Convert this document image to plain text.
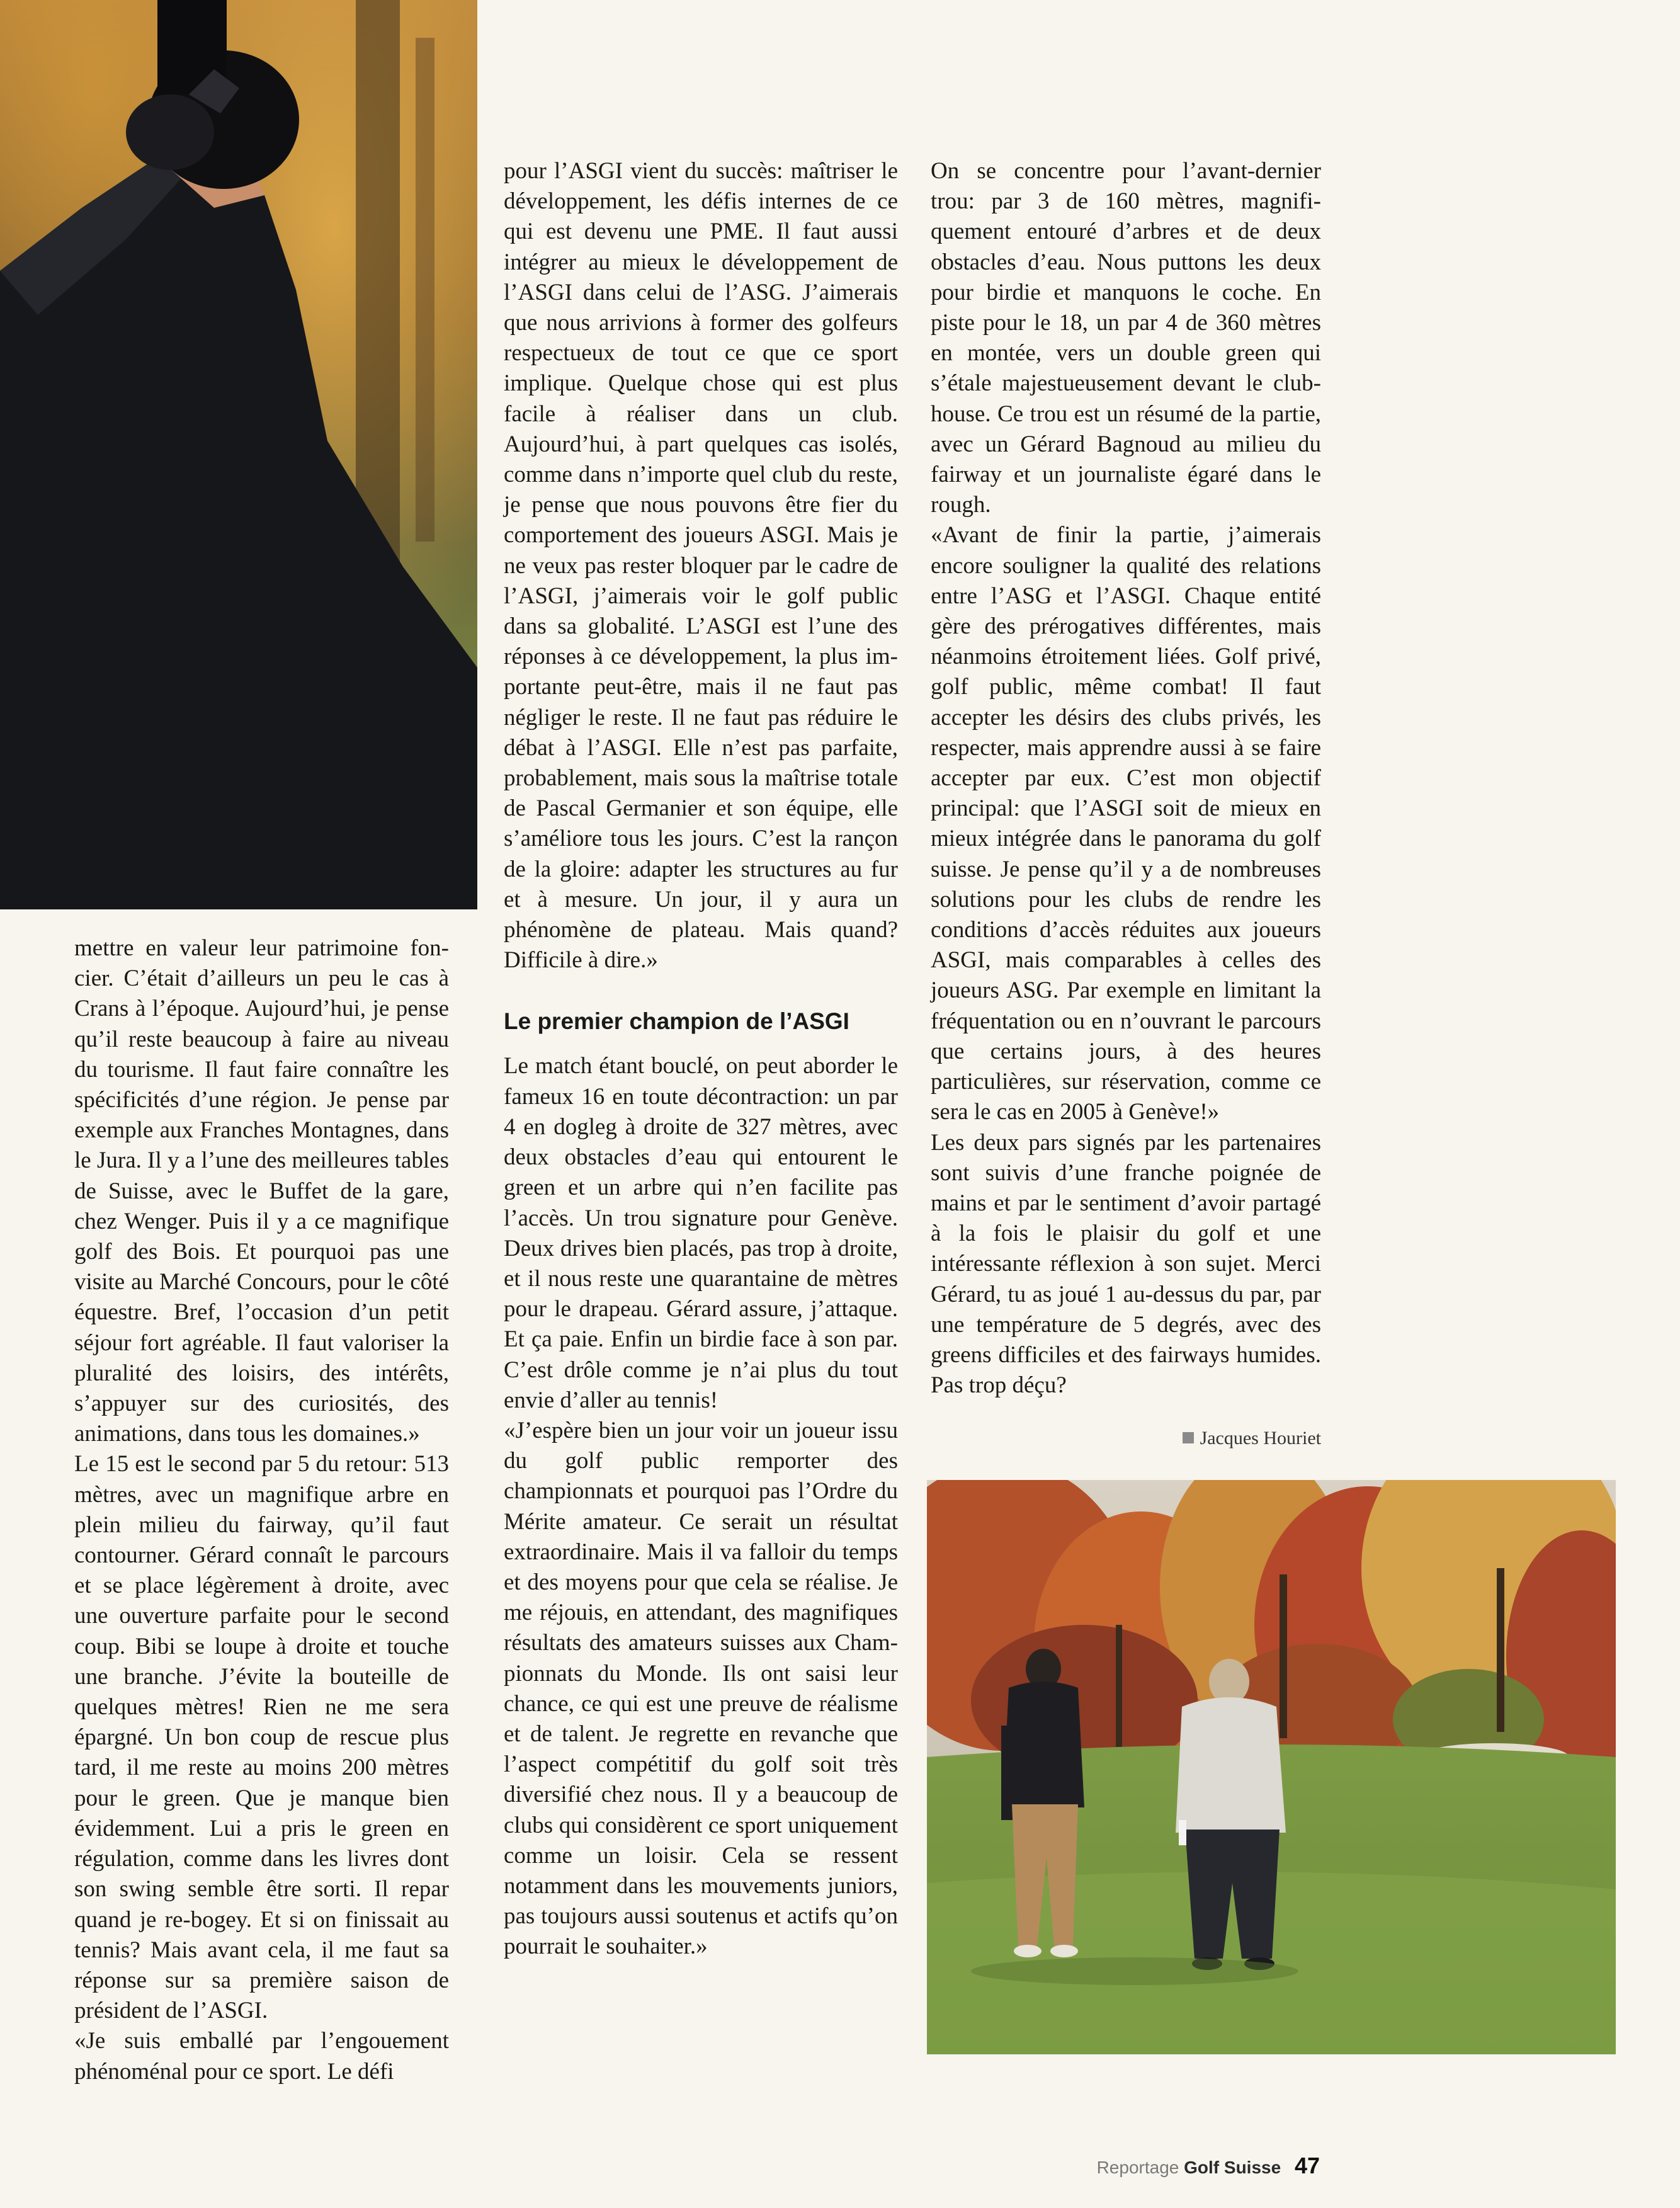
mettre en valeur leur patrimoine foncier. C’était d’ailleurs un peu le cas à Crans à l’époque. Aujourd’hui, je pense qu’il reste beaucoup à faire au niveau du tourisme. Il faut faire connaître les spécificités d’une région. Je pense par exemple aux Franches Montagnes, dans le Jura. Il y a l’une des meilleures tables de Suisse, avec le Buffet de la gare, chez Wenger. Puis il y a ce magnifique golf des Bois. Et pourquoi pas une visite au Marché Concours, pour le côté équestre. Bref, l’occasion d’un petit séjour fort agréable. Il faut valoriser la pluralité des loisirs, des intérêts, s’appuyer sur des curiosités, des animations, dans tous les domaines.»

Le 15 est le second par 5 du retour: 513 mètres, avec un magnifique arbre en plein milieu du fairway, qu’il faut contourner. Gérard connaît le parcours et se place légèrement à droite, avec une ouverture parfaite pour le second coup. Bibi se loupe à droite et touche une branche. J’évite la bouteille de quelques mètres! Rien ne me sera épargné. Un bon coup de rescue plus tard, il me reste au moins 200 mètres pour le green. Que je manque bien évidemment. Lui a pris le green en régulation, comme dans les livres dont son swing semble être sorti. Il repar quand je re-bogey. Et si on finissait au tennis? Mais avant cela, il me faut sa réponse sur sa première saison de président de l’ASGI.

«Je suis emballé par l’engouement phénoménal pour ce sport. Le défi

pour l’ASGI vient du succès: maîtriser le développement, les défis internes de ce qui est devenu une PME. Il faut aussi intégrer au mieux le développement de l’ASGI dans celui de l’ASG. J’aimerais que nous arrivions à former des golfeurs respectueux de tout ce que ce sport implique. Quelque chose qui est plus facile à réaliser dans un club. Aujourd’hui, à part quelques cas isolés, comme dans n’importe quel club du reste, je pense que nous pouvons être fier du comportement des joueurs ASGI. Mais je ne veux pas rester bloquer par le cadre de l’ASGI, j’aimerais voir le golf public dans sa globalité. L’ASGI est l’une des réponses à ce développement, la plus importante peut-être, mais il ne faut pas négliger le reste. Il ne faut pas réduire le débat à l’ASGI. Elle n’est pas parfaite, probablement, mais sous la maîtrise totale de Pascal Germanier et son équipe, elle s’améliore tous les jours. C’est la rançon de la gloire: adapter les structures au fur et à mesure. Un jour, il y aura un phénomène de plateau. Mais quand? Difficile à dire.»

Le premier champion de l’ASGI

Le match étant bouclé, on peut aborder le fameux 16 en toute décontraction: un par 4 en dogleg à droite de 327 mètres, avec deux obstacles d’eau qui entourent le green et un arbre qui n’en facilite pas l’accès. Un trou signature pour Genève. Deux drives bien placés, pas trop à droite, et il nous reste une quarantaine de mètres pour le drapeau. Gérard assure, j’attaque. Et ça paie. Enfin un birdie face à son par. C’est drôle comme je n’ai plus du tout envie d’aller au tennis!

«J’espère bien un jour voir un joueur issu du golf public remporter des championnats et pourquoi pas l’Ordre du Mérite amateur. Ce serait un résultat extraordinaire. Mais il va falloir du temps et des moyens pour que cela se réalise. Je me réjouis, en attendant, des magnifiques résultats des amateurs suisses aux Championnats du Monde. Ils ont saisi leur chance, ce qui est une preuve de réalisme et de talent. Je regrette en revanche que l’aspect compétitif du golf soit très diversifié chez nous. Il y a beaucoup de clubs qui considèrent ce sport uniquement comme un loisir. Cela se ressent notamment dans les mouvements juniors, pas toujours aussi soutenus et actifs qu’on pourrait le souhaiter.»

On se concentre pour l’avant-dernier trou: par 3 de 160 mètres, magnifiquement entouré d’arbres et de deux obstacles d’eau. Nous puttons les deux pour birdie et manquons le coche. En piste pour le 18, un par 4 de 360 mètres en montée, vers un double green qui s’étale majestueusement devant le club-house. Ce trou est un résumé de la partie, avec un Gérard Bagnoud au milieu du fairway et un journaliste égaré dans le rough.

«Avant de finir la partie, j’aimerais encore souligner la qualité des relations entre l’ASG et l’ASGI. Chaque entité gère des prérogatives différentes, mais néanmoins étroitement liées. Golf privé, golf public, même combat! Il faut accepter les désirs des clubs privés, les respecter, mais apprendre aussi à se faire accepter par eux. C’est mon objectif principal: que l’ASGI soit de mieux en mieux intégrée dans le panorama du golf suisse. Je pense qu’il y a de nombreuses solutions pour les clubs de rendre les conditions d’accès réduites aux joueurs ASGI, mais comparables à celles des joueurs ASG. Par exemple en limitant la fréquentation ou en n’ouvrant le parcours que certains jours, à des heures particulières, sur réservation, comme ce sera le cas en 2005 à Genève!»

Les deux pars signés par les partenaires sont suivis d’une franche poignée de mains et par le sentiment d’avoir partagé à la fois le plaisir du golf et une intéressante réflexion à son sujet. Merci Gérard, tu as joué 1 au-dessus du par, par une température de 5 degrés, avec des greens difficiles et des fairways humides. Pas trop déçu?

Jacques Houriet
Reportage Golf Suisse 47
